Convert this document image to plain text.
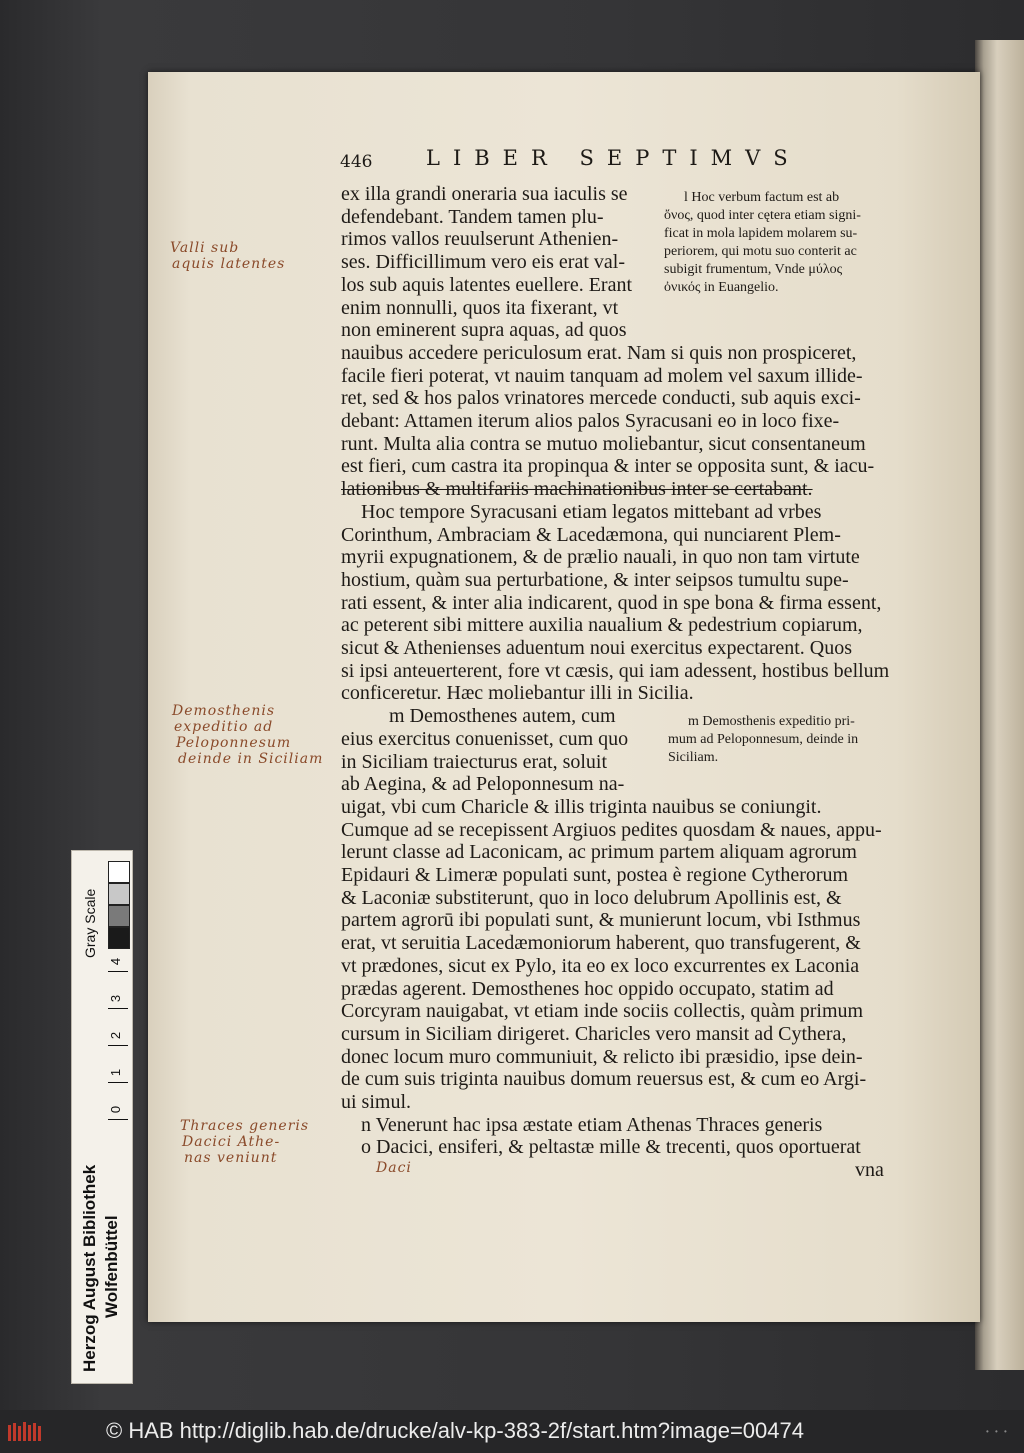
446	LIBER SEPTIMVS
ex illa grandi oneraria sua iaculis se
defendebant. Tandem tamen plu-
rimos vallos reuulserunt Athenien-
ses. Difficillimum vero eis erat val-
los sub aquis latentes euellere. Erant
enim nonnulli, quos ita fixerant, vt
non eminerent supra aquas, ad quos
nauibus accedere periculosum erat. Nam si quis non prospiceret,
facile fieri poterat, vt nauim tanquam ad molem vel saxum illide-
ret, sed & hos palos vrinatores mercede conducti, sub aquis exci-
debant: Attamen iterum alios palos Syracusani eo in loco fixe-
runt. Multa alia contra se mutuo moliebantur, sicut consentaneum
est fieri, cum castra ita propinqua & inter se opposita sunt, & iacu-
lationibus & multifariis machinationibus inter se certabant.
Hoc tempore Syracusani etiam legatos mittebant ad vrbes
Corinthum, Ambraciam & Lacedæmona, qui nunciarent Plem-
myrii expugnationem, & de prælio nauali, in quo non tam virtute
hostium, quàm sua perturbatione, & inter seipsos tumultu supe-
rati essent, & inter alia indicarent, quod in spe bona & firma essent,
ac peterent sibi mittere auxilia naualium & pedestrium copiarum,
sicut & Athenienses aduentum noui exercitus expectarent. Quos
si ipsi anteuerterent, fore vt cæsis, qui iam adessent, hostibus bellum
conficeretur. Hæc moliebantur illi in Sicilia.
m Demosthenes autem, cum
eius exercitus conuenisset, cum quo
in Siciliam traiecturus erat, soluit
ab Aegina, & ad Peloponnesum na-
uigat, vbi cum Charicle & illis triginta nauibus se coniungit.
Cumque ad se recepissent Argiuos pedites quosdam & naues, appu-
lerunt classe ad Laconicam, ac primum partem aliquam agrorum
Epidauri & Limeræ populati sunt, postea è regione Cytherorum
& Laconiæ substiterunt, quo in loco delubrum Apollinis est, &
partem agrorū ibi populati sunt, & munierunt locum, vbi Isthmus
erat, vt seruitia Lacedæmoniorum haberent, quo transfugerent, &
vt prædones, sicut ex Pylo, ita eo ex loco excurrentes ex Laconia
prædas agerent. Demosthenes hoc oppido occupato, statim ad
Corcyram nauigabat, vt etiam inde sociis collectis, quàm primum
cursum in Siciliam dirigeret. Charicles vero mansit ad Cythera,
donec locum muro communiuit, & relicto ibi præsidio, ipse dein-
de cum suis triginta nauibus domum reuersus est, & cum eo Argi-
ui simul.
n Venerunt hac ipsa æstate etiam Athenas Thraces generis
o Dacici, ensiferi, & peltastæ mille & trecenti, quos oportuerat
vna
l Hoc verbum factum est ab
ὄνος, quod inter cętera etiam signi-
ficat in mola lapidem molarem su-
periorem, qui motu suo conterit ac
subigit frumentum, Vnde μύλος
ὀνικός in Euangelio.
m Demosthenis expeditio pri-
mum ad Peloponnesum, deinde in
Siciliam.
Valli sub
aquis latentes
Demosthenis
expeditio ad
Peloponnesum
deinde in Siciliam
Thraces generis
Dacici Athe-
nas veniunt
Daci
4
3
2
1
0
Gray Scale
Herzog August Bibliothek Wolfenbüttel
© HAB http://diglib.hab.de/drucke/alv-kp-383-2f/start.htm?image=00474	• • •
